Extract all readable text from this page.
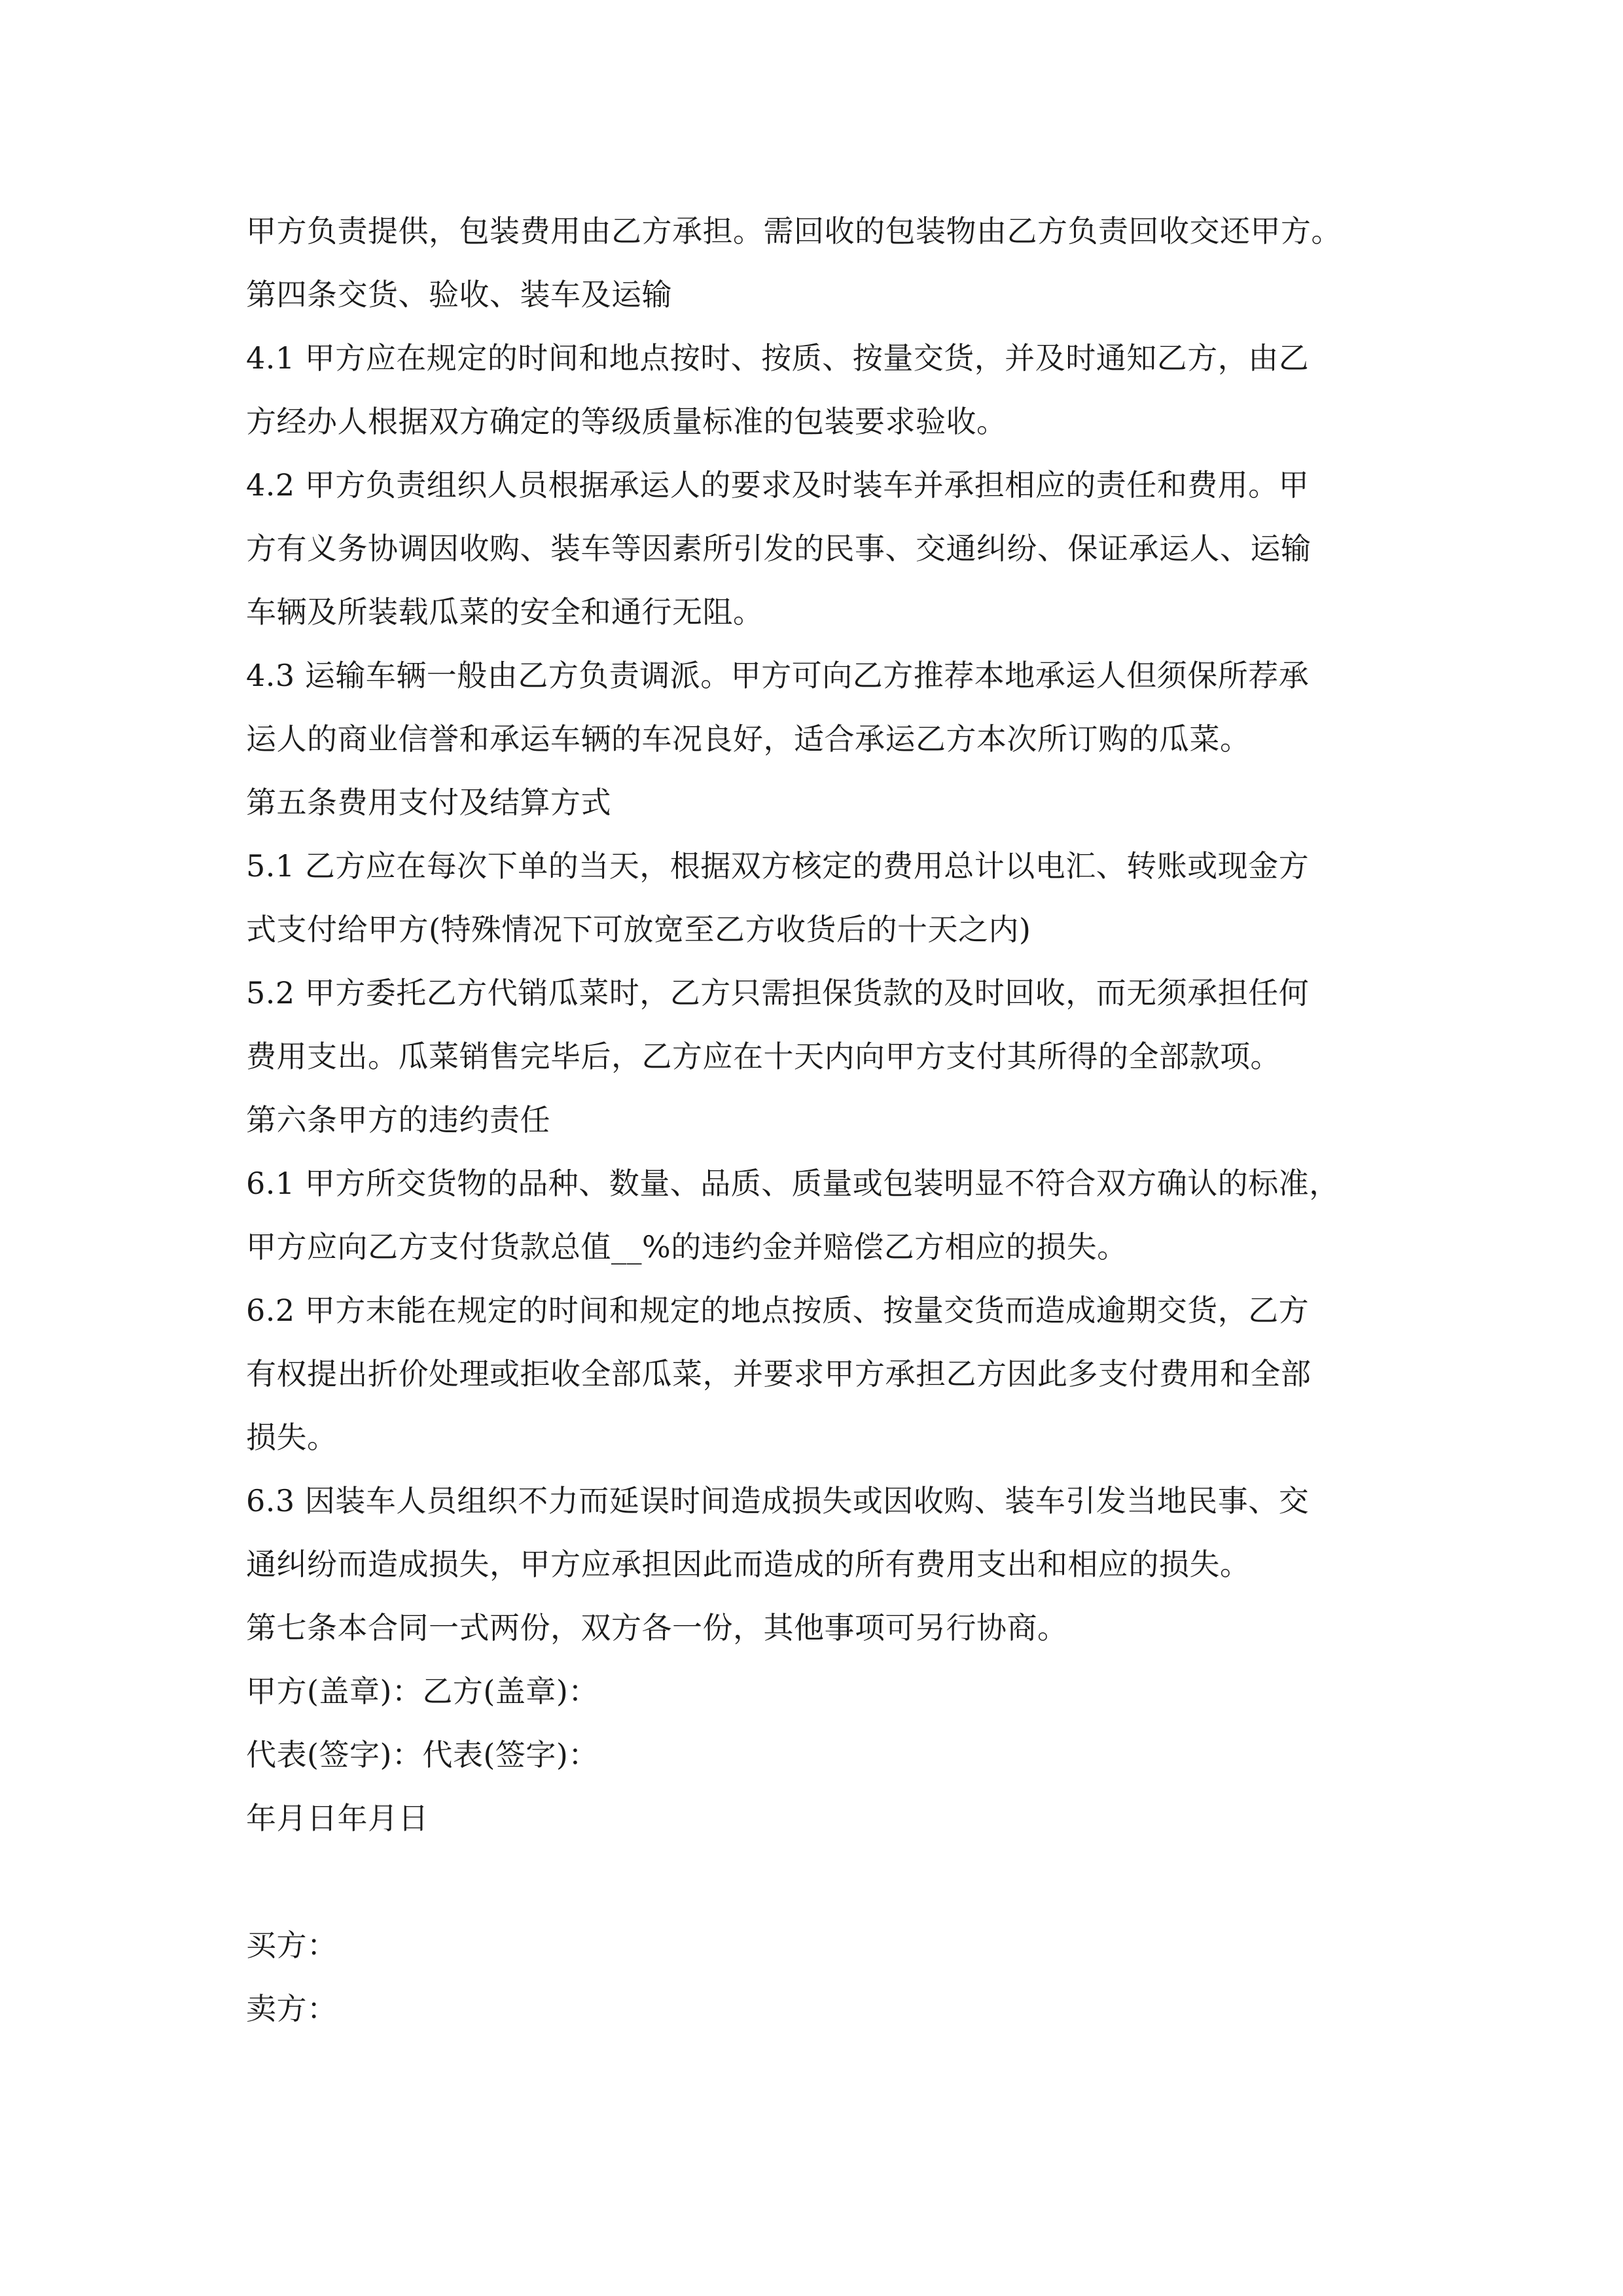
甲方负责提供，包装费用由乙方承担。需回收的包装物由乙方负责回收交还甲方。
第四条交货、验收、装车及运输
4.1 甲方应在规定的时间和地点按时、按质、按量交货，并及时通知乙方，由乙
方经办人根据双方确定的等级质量标准的包装要求验收。
4.2 甲方负责组织人员根据承运人的要求及时装车并承担相应的责任和费用。甲
方有义务协调因收购、装车等因素所引发的民事、交通纠纷、保证承运人、运输
车辆及所装载瓜菜的安全和通行无阻。
4.3 运输车辆一般由乙方负责调派。甲方可向乙方推荐本地承运人但须保所荐承
运人的商业信誉和承运车辆的车况良好，适合承运乙方本次所订购的瓜菜。
第五条费用支付及结算方式
5.1 乙方应在每次下单的当天，根据双方核定的费用总计以电汇、转账或现金方
式支付给甲方(特殊情况下可放宽至乙方收货后的十天之内)
5.2 甲方委托乙方代销瓜菜时，乙方只需担保货款的及时回收，而无须承担任何
费用支出。瓜菜销售完毕后，乙方应在十天内向甲方支付其所得的全部款项。
第六条甲方的违约责任
6.1 甲方所交货物的品种、数量、品质、质量或包装明显不符合双方确认的标准，
甲方应向乙方支付货款总值__%的违约金并赔偿乙方相应的损失。
6.2 甲方末能在规定的时间和规定的地点按质、按量交货而造成逾期交货，乙方
有权提出折价处理或拒收全部瓜菜，并要求甲方承担乙方因此多支付费用和全部
损失。
6.3 因装车人员组织不力而延误时间造成损失或因收购、装车引发当地民事、交
通纠纷而造成损失，甲方应承担因此而造成的所有费用支出和相应的损失。
第七条本合同一式两份，双方各一份，其他事项可另行协商。
甲方(盖章)：乙方(盖章)：
代表(签字)：代表(签字)：
年月日年月日
买方：
卖方：
